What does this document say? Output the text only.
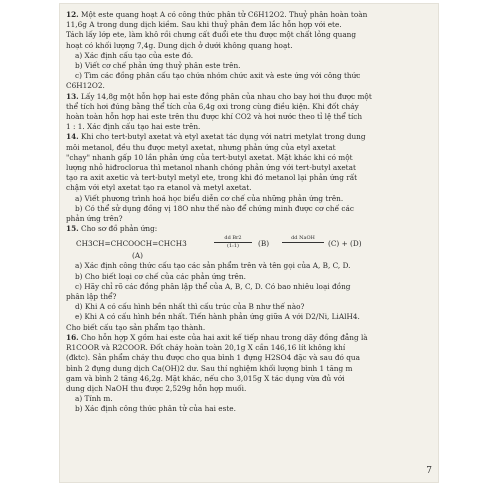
12. Một este quang hoạt A có công thức phân tử C6H12O2. Thuỷ phân hoàn toàn
11,6g A trong dung dịch kiềm. Sau khi thuỷ phân đem lắc hỗn hợp với ete.
Tách lấy lớp ete, làm khô rồi chưng cất đuổi ete thu được một chất lỏng quang
hoạt có khối lượng 7,4g. Dung dịch ở dưới không quang hoạt.
a) Xác định cấu tạo của este đó.
b) Viết cơ chế phản ứng thuỷ phân este trên.
c) Tìm các đồng phân cấu tạo chứa nhóm chức axit và este ứng với công thức
C6H12O2.
13. Lấy 14,8g một hỗn hợp hai este đồng phân của nhau cho bay hơi thu được một
thể tích hơi đúng bằng thể tích của 6,4g oxi trong cùng điều kiện. Khi đốt cháy
hoàn toàn hỗn hợp hai este trên thu được khí CO2 và hơi nước theo tỉ lệ thể tích
1 : 1. Xác định cấu tạo hai este trên.
14. Khi cho tert-butyl axetat và etyl axetat tác dụng với natri metylat trong dung
môi metanol, đều thu được metyl axetat, nhưng phản ứng của etyl axetat
"chạy" nhanh gấp 10 lần phản ứng của tert-butyl axetat. Mặt khác khi có một
lượng nhỏ hiđroclorua thì metanol nhanh chóng phản ứng với tert-butyl axetat
tạo ra axit axetic và tert-butyl metyl ete, trong khi đó metanol lại phản ứng rất
chậm với etyl axetat tạo ra etanol và metyl axetat.
a) Viết phương trình hoá học biểu diễn cơ chế của những phản ứng trên.
b) Có thể sử dụng đồng vị 18O như thế nào để chứng minh được cơ chế các
phản ứng trên?
15. Cho sơ đồ phản ứng:
CH3CH=CHCOOCH=CHCH3
dd Br2
(1:1)	(B)
dd NaOH
(C) + (D)
(A)
a) Xác định công thức cấu tạo các sản phẩm trên và tên gọi của A, B, C, D.
b) Cho biết loại cơ chế của các phản ứng trên.
c) Hãy chỉ rõ các đồng phân lập thể của A, B, C, D. Có bao nhiêu loại đồng
phân lập thể?
d) Khi A có cấu hình bền nhất thì cấu trúc của B như thế nào?
e) Khi A có cấu hình bền nhất. Tiến hành phản ứng giữa A với D2/Ni, LiAlH4.
Cho biết cấu tạo sản phẩm tạo thành.
16. Cho hỗn hợp X gồm hai este của hai axit kế tiếp nhau trong dãy đồng đẳng là
R1COOR và R2COOR. Đốt cháy hoàn toàn 20,1g X cần 146,16 lít không khí
(đktc). Sản phẩm cháy thu được cho qua bình 1 đựng H2SO4 đặc và sau đó qua
bình 2 đựng dung dịch Ca(OH)2 dư. Sau thí nghiệm khối lượng bình 1 tăng m
gam và bình 2 tăng 46,2g. Mặt khác, nếu cho 3,015g X tác dụng vừa đủ với
dung dịch NaOH thu được 2,529g hỗn hợp muối.
a) Tính m.
b) Xác định công thức phân tử của hai este.
7
